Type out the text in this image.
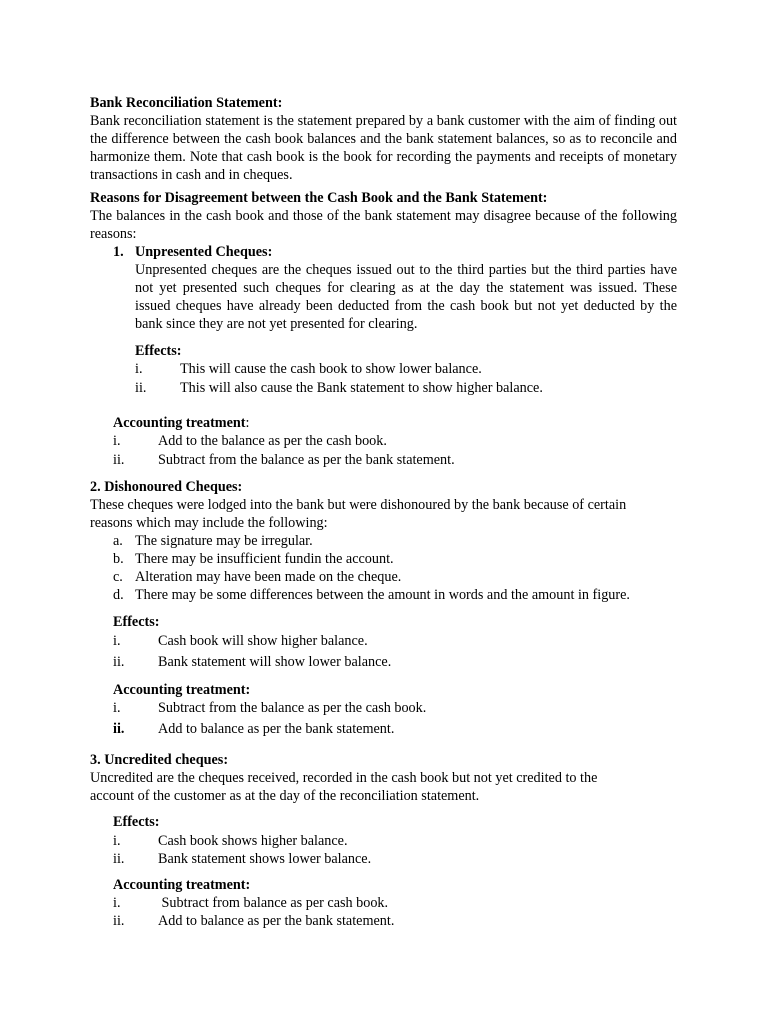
Bank Reconciliation Statement:

Bank reconciliation statement is the statement prepared by a bank customer with the aim of finding out the difference between the cash book balances and the bank statement balances, so as to reconcile and harmonize them. Note that cash book is the book for recording the payments and receipts of monetary transactions in cash and in cheques.

Reasons for Disagreement between the Cash Book and the Bank Statement:

The balances in the cash book and those of the bank statement may disagree because of the following reasons:

1. Unpresented Cheques:

Unpresented cheques are the cheques issued out to the third parties but the third parties have not yet presented such cheques for clearing as at the day the statement was issued. These issued cheques have already been deducted from the cash book but not yet deducted by the bank since they are not yet presented for clearing.

Effects:

i.	This will cause the cash book to show lower balance.
ii. This will also cause the Bank statement to show higher balance.

Accounting treatment:

i.	Add to the balance as per the cash book.
ii. Subtract from the balance as per the bank statement.

2. Dishonoured Cheques:

These cheques were lodged into the bank but were dishonoured by the bank because of certain reasons which may include the following:

a. The signature may be irregular.
b. There may be insufficient fundin the account.
c. Alteration may have been made on the cheque.
d. There may be some differences between the amount in words and the amount in figure.

Effects:

i.	Cash book will show higher balance.
ii. Bank statement will show lower balance.

Accounting treatment:

i.	Subtract from the balance as per the cash book.
ii. Add to balance as per the bank statement.

3. Uncredited cheques:

Uncredited are the cheques received, recorded in the cash book but not yet credited to the account of the customer as at the day of the reconciliation statement.

Effects:

i.	Cash book shows higher balance.
ii. Bank statement shows lower balance.

Accounting treatment:

i.	Subtract from balance as per cash book.
ii. Add to balance as per the bank statement.
